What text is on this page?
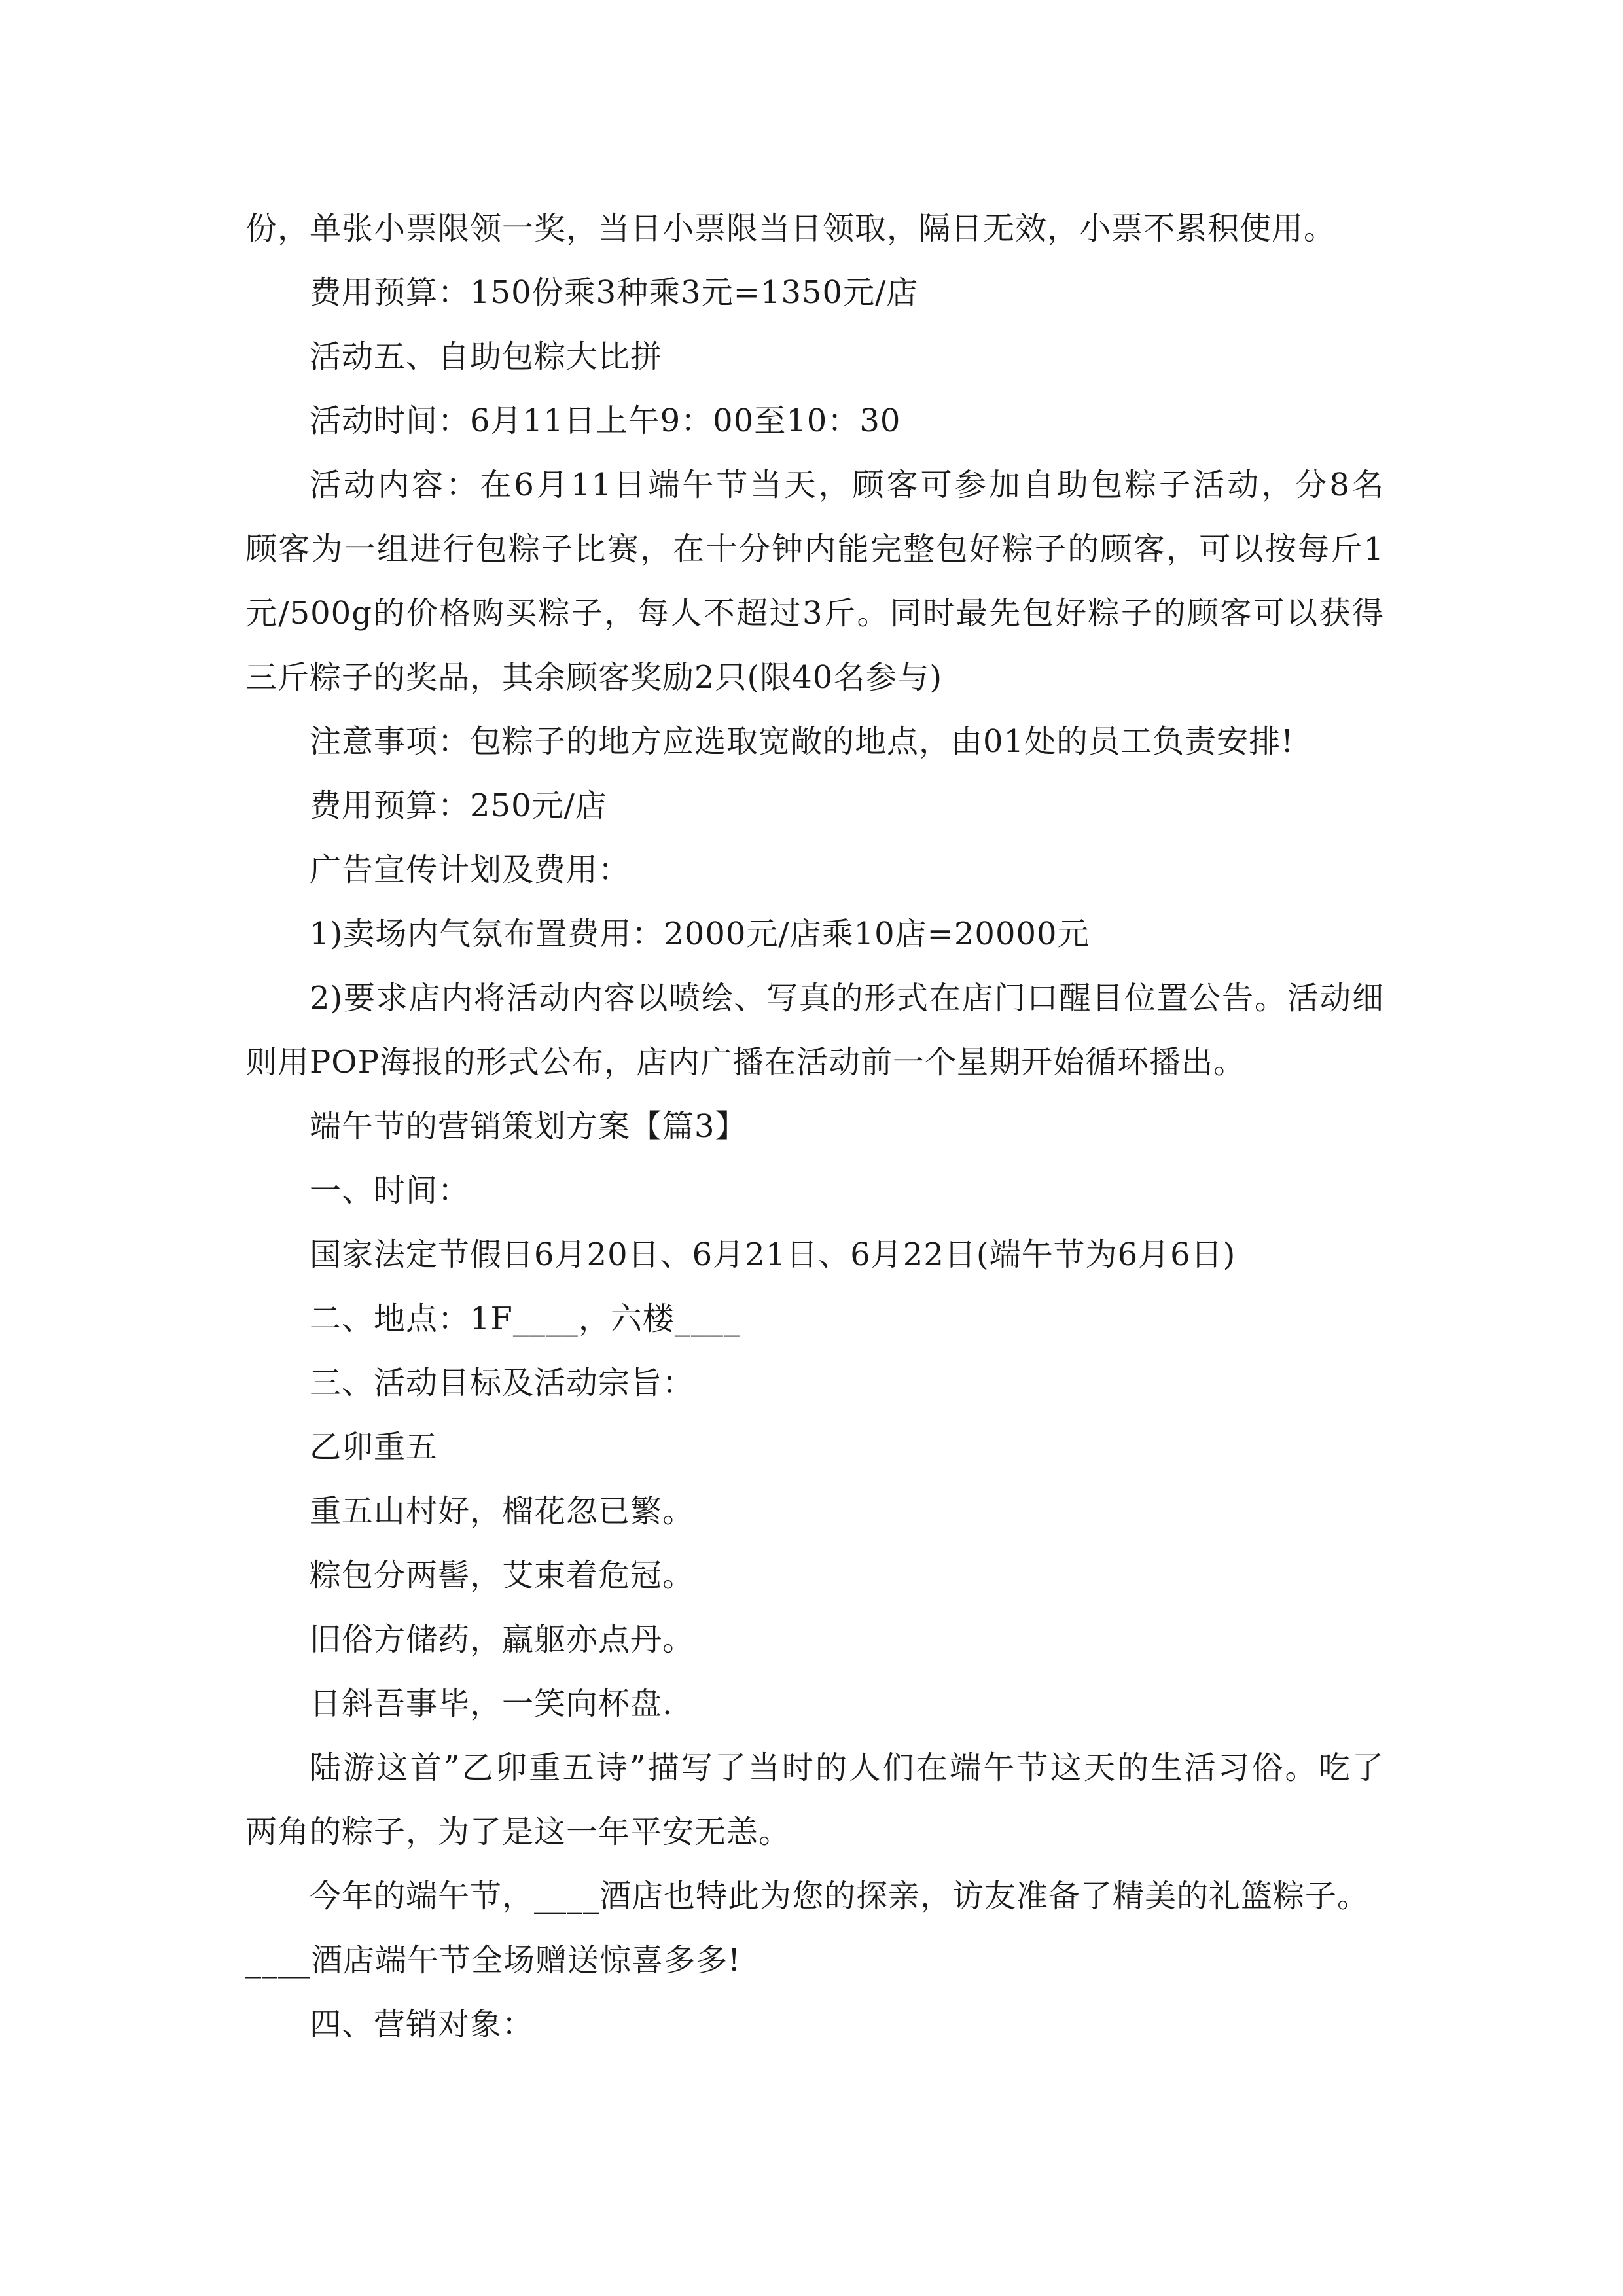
份，单张小票限领一奖，当日小票限当日领取，隔日无效，小票不累积使用。
费用预算：150份乘3种乘3元=1350元/店
活动五、自助包粽大比拼
活动时间：6月11日上午9：00至10：30
活动内容：在6月11日端午节当天，顾客可参加自助包粽子活动，分8名
顾客为一组进行包粽子比赛，在十分钟内能完整包好粽子的顾客，可以按每斤1
元/500g的价格购买粽子，每人不超过3斤。同时最先包好粽子的顾客可以获得
三斤粽子的奖品，其余顾客奖励2只(限40名参与)
注意事项：包粽子的地方应选取宽敞的地点，由01处的员工负责安排!
费用预算：250元/店
广告宣传计划及费用：
1)卖场内气氛布置费用：2000元/店乘10店=20000元
2)要求店内将活动内容以喷绘、写真的形式在店门口醒目位置公告。活动细
则用POP海报的形式公布，店内广播在活动前一个星期开始循环播出。
端午节的营销策划方案【篇3】
一、时间：
国家法定节假日6月20日、6月21日、6月22日(端午节为6月6日)
二、地点：1F____，六楼____
三、活动目标及活动宗旨：
乙卯重五
重五山村好，榴花忽已繁。
粽包分两髻，艾束着危冠。
旧俗方储药，羸躯亦点丹。
日斜吾事毕，一笑向杯盘.
陆游这首”乙卯重五诗”描写了当时的人们在端午节这天的生活习俗。吃了
两角的粽子，为了是这一年平安无恙。
今年的端午节，____酒店也特此为您的探亲，访友准备了精美的礼篮粽子。
____酒店端午节全场赠送惊喜多多!
四、营销对象：
